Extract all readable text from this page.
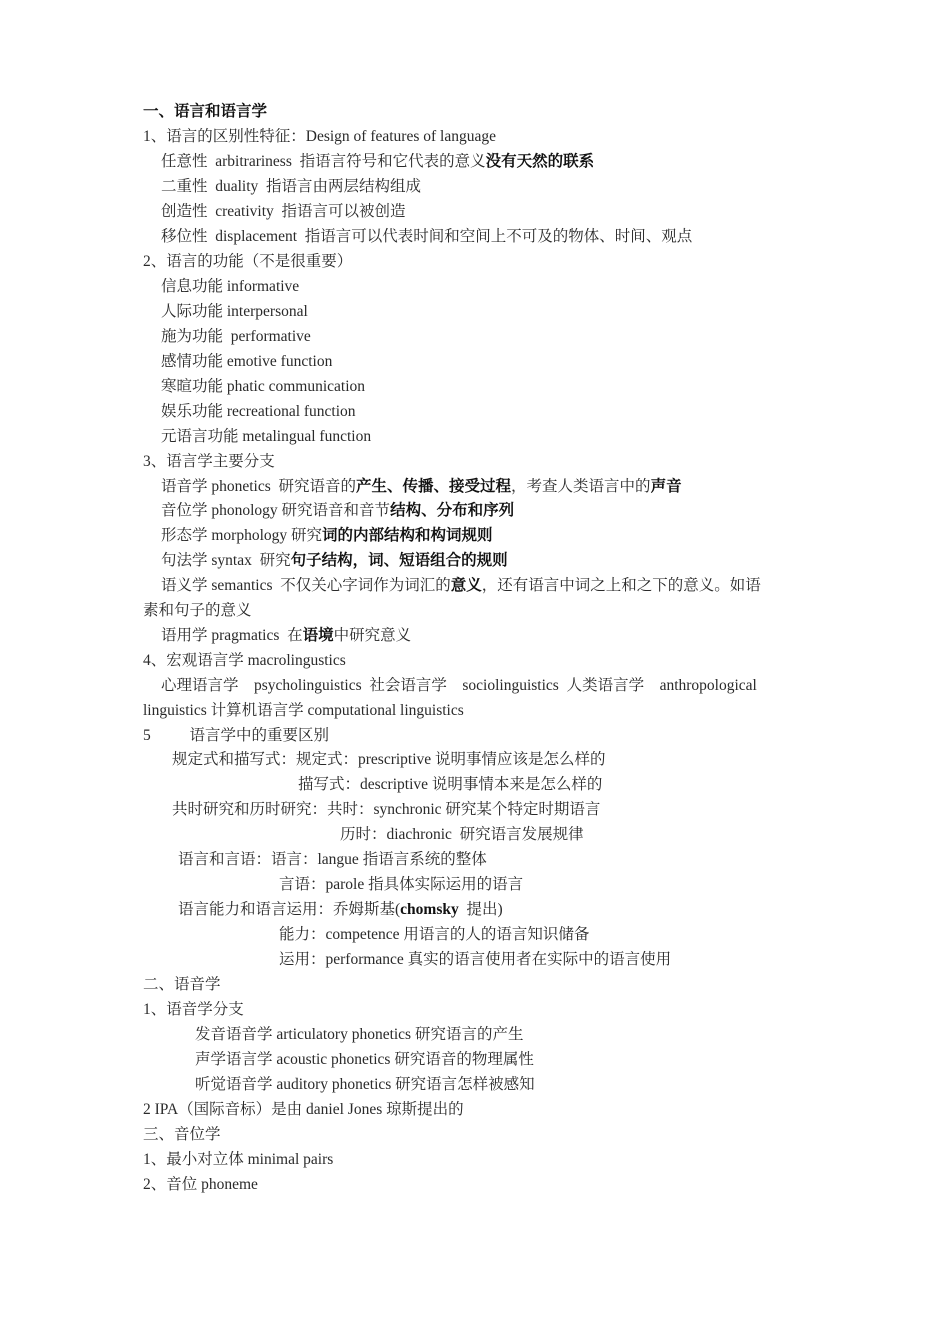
一、语言和语言学
1、语言的区别性特征：Design of features of language
任意性  arbitrariness  指语言符号和它代表的意义没有天然的联系
二重性  duality  指语言由两层结构组成
创造性  creativity  指语言可以被创造
移位性  displacement  指语言可以代表时间和空间上不可及的物体、时间、观点
2、语言的功能（不是很重要）
信息功能 informative
人际功能 interpersonal
施为功能  performative
感情功能 emotive function
寒暄功能 phatic communication
娱乐功能 recreational function
元语言功能 metalingual function
3、语言学主要分支
语音学 phonetics  研究语音的产生、传播、接受过程，考查人类语言中的声音
音位学 phonology 研究语音和音节结构、分布和序列
形态学 morphology 研究词的内部结构和构词规则
句法学 syntax  研究句子结构，词、短语组合的规则
语义学 semantics  不仅关心字词作为词汇的意义，还有语言中词之上和之下的意义。如语
素和句子的意义
语用学 pragmatics  在语境中研究意义
4、宏观语言学 macrolingustics
心理语言学    psycholinguistics  社会语言学    sociolinguistics  人类语言学    anthropological
linguistics 计算机语言学 computational linguistics
5          语言学中的重要区别
规定式和描写式：规定式：prescriptive 说明事情应该是怎么样的
描写式：descriptive 说明事情本来是怎么样的
共时研究和历时研究：共时：synchronic 研究某个特定时期语言
历时：diachronic  研究语言发展规律
语言和言语：语言：langue 指语言系统的整体
言语：parole 指具体实际运用的语言
语言能力和语言运用：乔姆斯基(chomsky  提出)
能力：competence 用语言的人的语言知识储备
运用：performance 真实的语言使用者在实际中的语言使用
二、语音学
1、语音学分支
发音语音学 articulatory phonetics 研究语言的产生
声学语言学 acoustic phonetics 研究语音的物理属性
听觉语音学 auditory phonetics 研究语言怎样被感知
2 IPA（国际音标）是由 daniel Jones 琼斯提出的
三、音位学
1、最小对立体 minimal pairs
2、音位 phoneme
